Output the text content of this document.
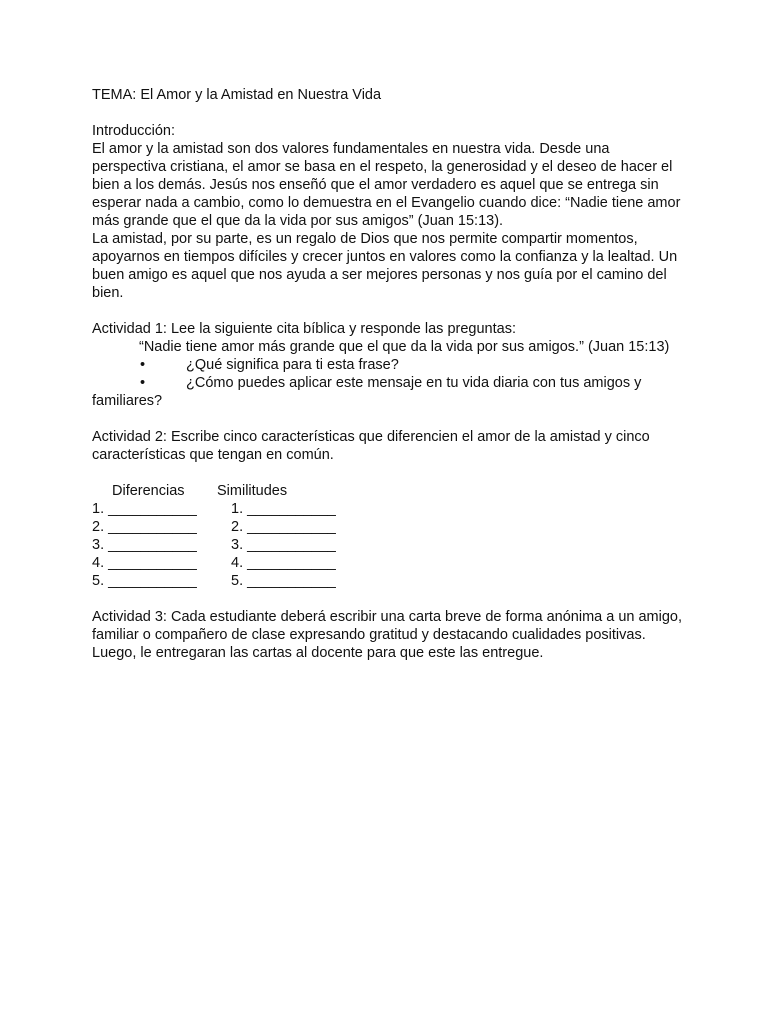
TEMA: El Amor y la Amistad en Nuestra Vida
Introducción:
El amor y la amistad son dos valores fundamentales en nuestra vida. Desde una
perspectiva cristiana, el amor se basa en el respeto, la generosidad y el deseo de hacer el
bien a los demás. Jesús nos enseñó que el amor verdadero es aquel que se entrega sin
esperar nada a cambio, como lo demuestra en el Evangelio cuando dice: “Nadie tiene amor
más grande que el que da la vida por sus amigos” (Juan 15:13).
La amistad, por su parte, es un regalo de Dios que nos permite compartir momentos,
apoyarnos en tiempos difíciles y crecer juntos en valores como la confianza y la lealtad. Un
buen amigo es aquel que nos ayuda a ser mejores personas y nos guía por el camino del
bien.
Actividad 1: Lee la siguiente cita bíblica y responde las preguntas:
“Nadie tiene amor más grande que el que da la vida por sus amigos.” (Juan 15:13)
•	¿Qué significa para ti esta frase?
•	¿Cómo puedes aplicar este mensaje en tu vida diaria con tus amigos y
familiares?
Actividad 2: Escribe cinco características que diferencien el amor de la amistad y cinco
características que tengan en común.
Diferencias Similitudes
1. ___________ 1. ___________
2. ___________ 2. ___________
3. ___________ 3. ___________
4. ___________ 4. ___________
5. ___________ 5. ___________
Actividad 3: Cada estudiante deberá escribir una carta breve de forma anónima a un amigo,
familiar o compañero de clase expresando gratitud y destacando cualidades positivas.
Luego, le entregaran las cartas al docente para que este las entregue.
